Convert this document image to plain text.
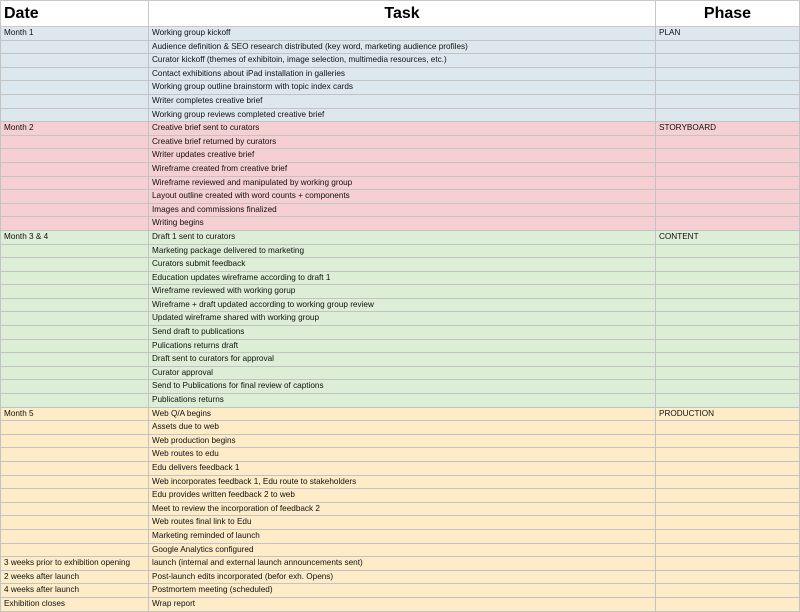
Date	Task	Phase
Month 1	Working group kickoff	PLAN
	Audience definition & SEO research distributed (key word, marketing audience profiles)	
	Curator kickoff (themes of exhibitoin, image selection, multimedia resources, etc.)	
	Contact exhibitions about iPad installation in galleries	
	Working group outline brainstorm with topic index cards	
	Writer completes creative brief	
	Working group reviews completed creative brief	
Month 2	Creative brief sent to curators	STORYBOARD
	Creative brief returned by curators	
	Writer updates creative brief	
	Wireframe created from creative brief	
	Wireframe reviewed and manipulated by working group	
	Layout outline created with word counts + components	
	Images and commissions finalized	
	Writing begins	
Month 3 & 4	Draft 1 sent to curators	CONTENT
	Marketing package delivered to marketing	
	Curators submit feedback	
	Education updates wireframe according to draft 1	
	Wireframe reviewed with working gorup	
	Wireframe + draft updated according to working group review	
	Updated wireframe shared with working group	
	Send draft to publications	
	Pulications returns draft	
	Draft sent to curators for approval	
	Curator approval	
	Send to Publications for final review of captions	
	Publications returns	
Month 5	Web Q/A begins	PRODUCTION
	Assets due to web	
	Web production begins	
	Web routes to edu	
	Edu delivers feedback 1	
	Web incorporates feedback 1, Edu route to stakeholders	
	Edu provides written feedback 2 to web	
	Meet to review the incorporation of feedback 2	
	Web routes final link to Edu	
	Marketing reminded of launch	
	Google Analytics configured	
3 weeks prior to exhibition opening	launch (internal and external launch announcements sent)	
2 weeks after launch	Post-launch edits incorporated (befor exh. Opens)	
4 weeks after launch	Postmortem meeting (scheduled)	
Exhibition closes	Wrap report	
